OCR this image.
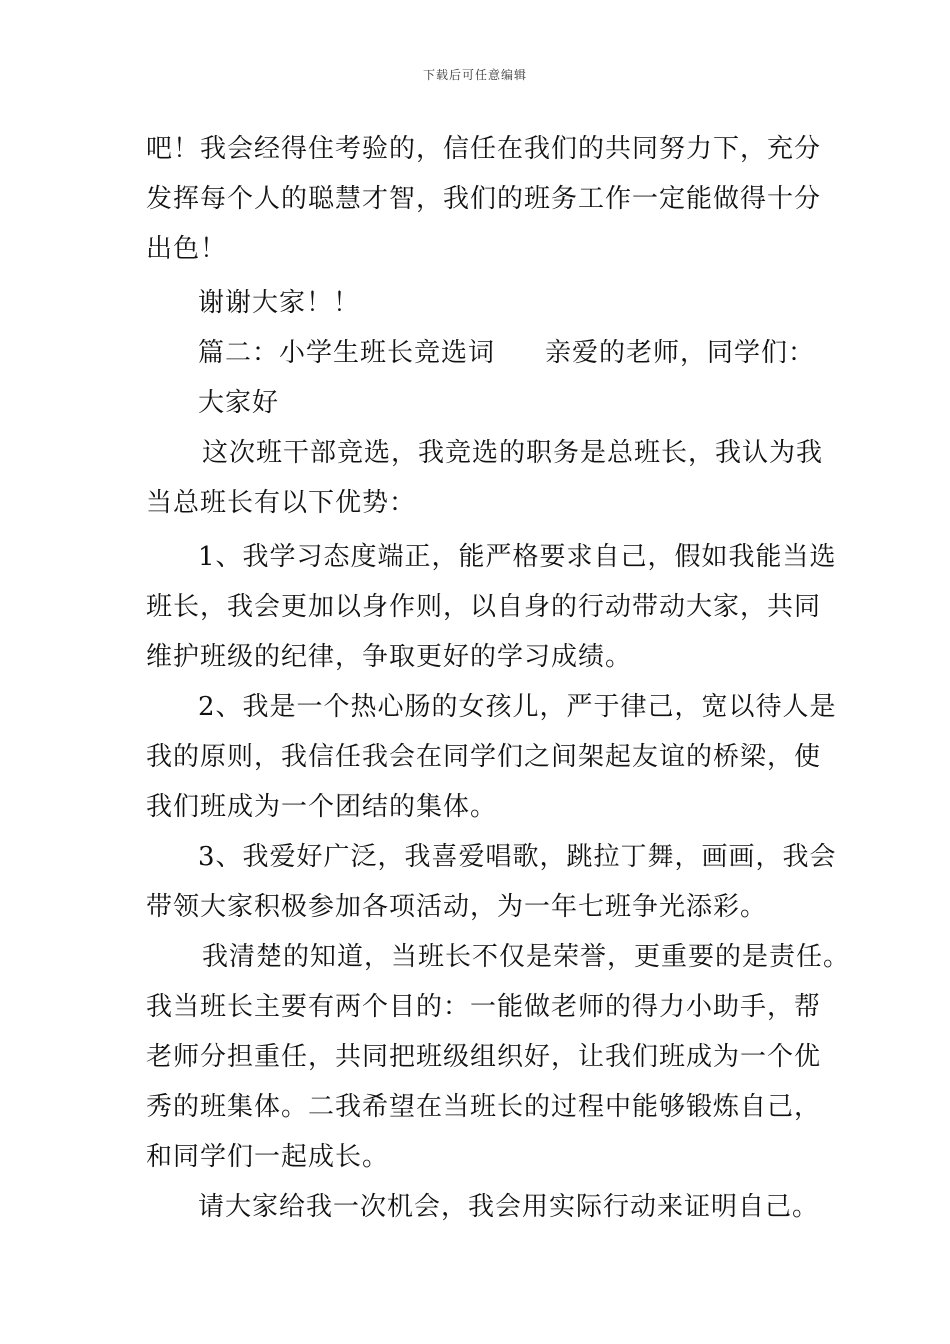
下载后可任意编辑
吧！我会经得住考验的，信任在我们的共同努力下，充分
发挥每个人的聪慧才智，我们的班务工作一定能做得十分
出色！
谢谢大家！！
篇二：小学生班长竞选词 亲爱的老师，同学们：
大家好
这次班干部竞选，我竞选的职务是总班长，我认为我
当总班长有以下优势：
1、我学习态度端正，能严格要求自己，假如我能当选
班长，我会更加以身作则，以自身的行动带动大家，共同
维护班级的纪律，争取更好的学习成绩。
2、我是一个热心肠的女孩儿，严于律己，宽以待人是
我的原则，我信任我会在同学们之间架起友谊的桥梁，使
我们班成为一个团结的集体。
3、我爱好广泛，我喜爱唱歌，跳拉丁舞，画画，我会
带领大家积极参加各项活动，为一年七班争光添彩。
我清楚的知道，当班长不仅是荣誉，更重要的是责任。
我当班长主要有两个目的：一能做老师的得力小助手，帮
老师分担重任，共同把班级组织好，让我们班成为一个优
秀的班集体。二我希望在当班长的过程中能够锻炼自己，
和同学们一起成长。
请大家给我一次机会，我会用实际行动来证明自己。
